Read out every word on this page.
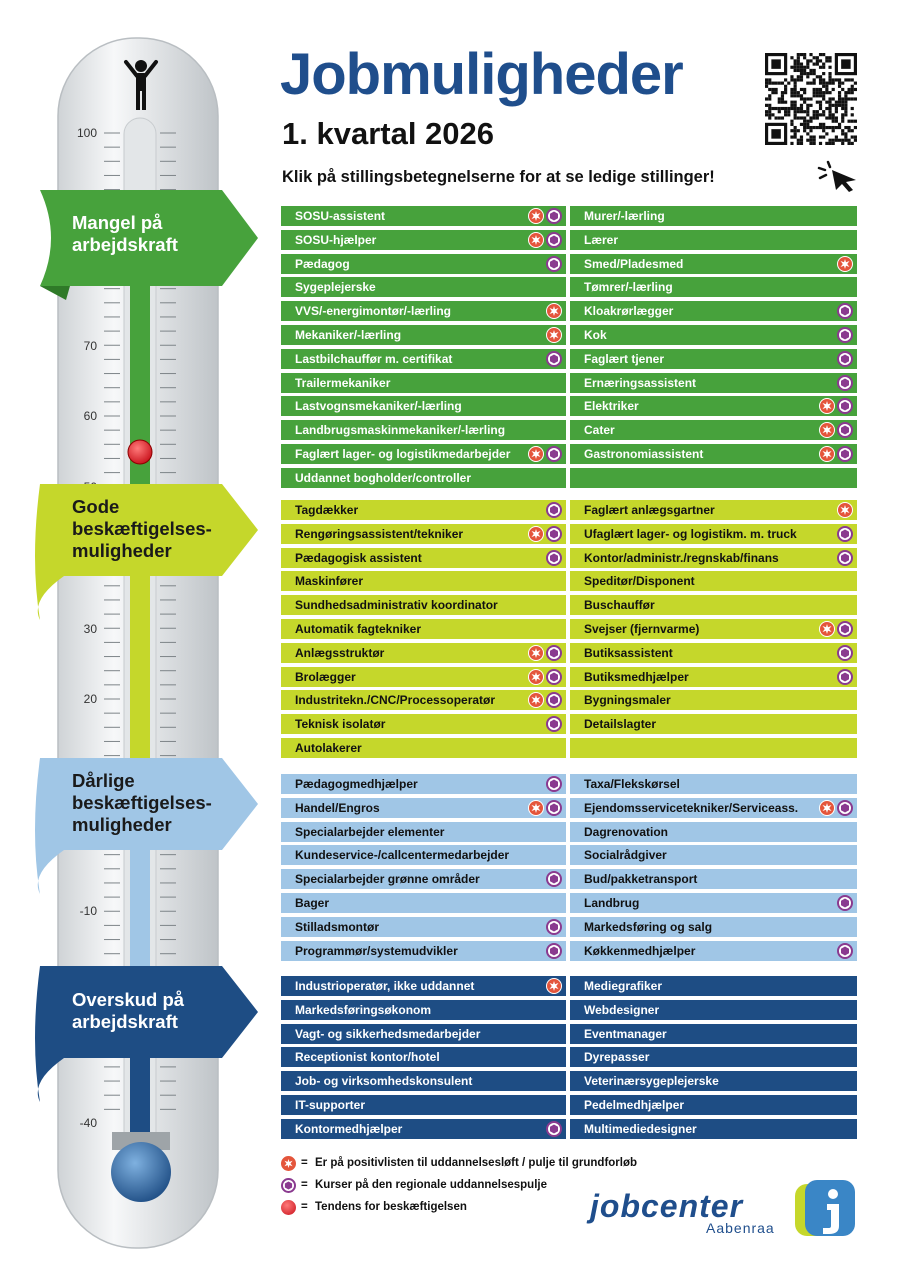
100
70
60
30
20
-10
-40
Mangel på
arbejdskraft
Gode
beskæftigelses-
muligheder
Dårlige
beskæftigelses-
muligheder
Overskud på
arbejdskraft
Jobmuligheder
1. kvartal 2026
Klik på stillingsbetegnelserne for at se ledige stillinger!
SOSU-assistent	Murer/-lærling
SOSU-hjælper	Lærer
Pædagog	Smed/Pladesmed
Sygeplejerske	Tømrer/-lærling
VVS/-energimontør/-lærling	Kloakrørlægger
Mekaniker/-lærling	Kok
Lastbilchauffør m. certifikat	Faglært tjener
Trailermekaniker	Ernæringsassistent
Lastvognsmekaniker/-lærling	Elektriker
Landbrugsmaskinmekaniker/-lærling	Cater
Faglært lager- og logistikmedarbejder	Gastronomiassistent
Uddannet bogholder/controller
Tagdækker	Faglært anlægsgartner
Rengøringsassistent/tekniker	Ufaglært lager- og logistikm. m. truck
Pædagogisk assistent	Kontor/administr./regnskab/finans
Maskinfører	Speditør/Disponent
Sundhedsadministrativ koordinator	Buschauffør
Automatik fagtekniker	Svejser (fjernvarme)
Anlægsstruktør	Butiksassistent
Brolægger	Butiksmedhjælper
Industritekn./CNC/Processoperatør	Bygningsmaler
Teknisk isolatør	Detailslagter
Autolakerer
Pædagogmedhjælper	Taxa/Flekskørsel
Handel/Engros	Ejendomsservicetekniker/Serviceass.
Specialarbejder elementer	Dagrenovation
Kundeservice-/callcentermedarbejder	Socialrådgiver
Specialarbejder grønne områder	Bud/pakketransport
Bager	Landbrug
Stilladsmontør	Markedsføring og salg
Programmør/systemudvikler	Køkkenmedhjælper
Industrioperatør, ikke uddannet	Mediegrafiker
Markedsføringsøkonom	Webdesigner
Vagt- og sikkerhedsmedarbejder	Eventmanager
Receptionist kontor/hotel	Dyrepasser
Job- og virksomhedskonsulent	Veterinærsygeplejerske
IT-supporter	Pedelmedhjælper
Kontormedhjælper	Multimediedesigner
= Er på positivlisten til uddannelsesløft / pulje til grundforløb
= Kurser på den regionale uddannelsespulje
= Tendens for beskæftigelsen	jobcenter
Aabenraa
